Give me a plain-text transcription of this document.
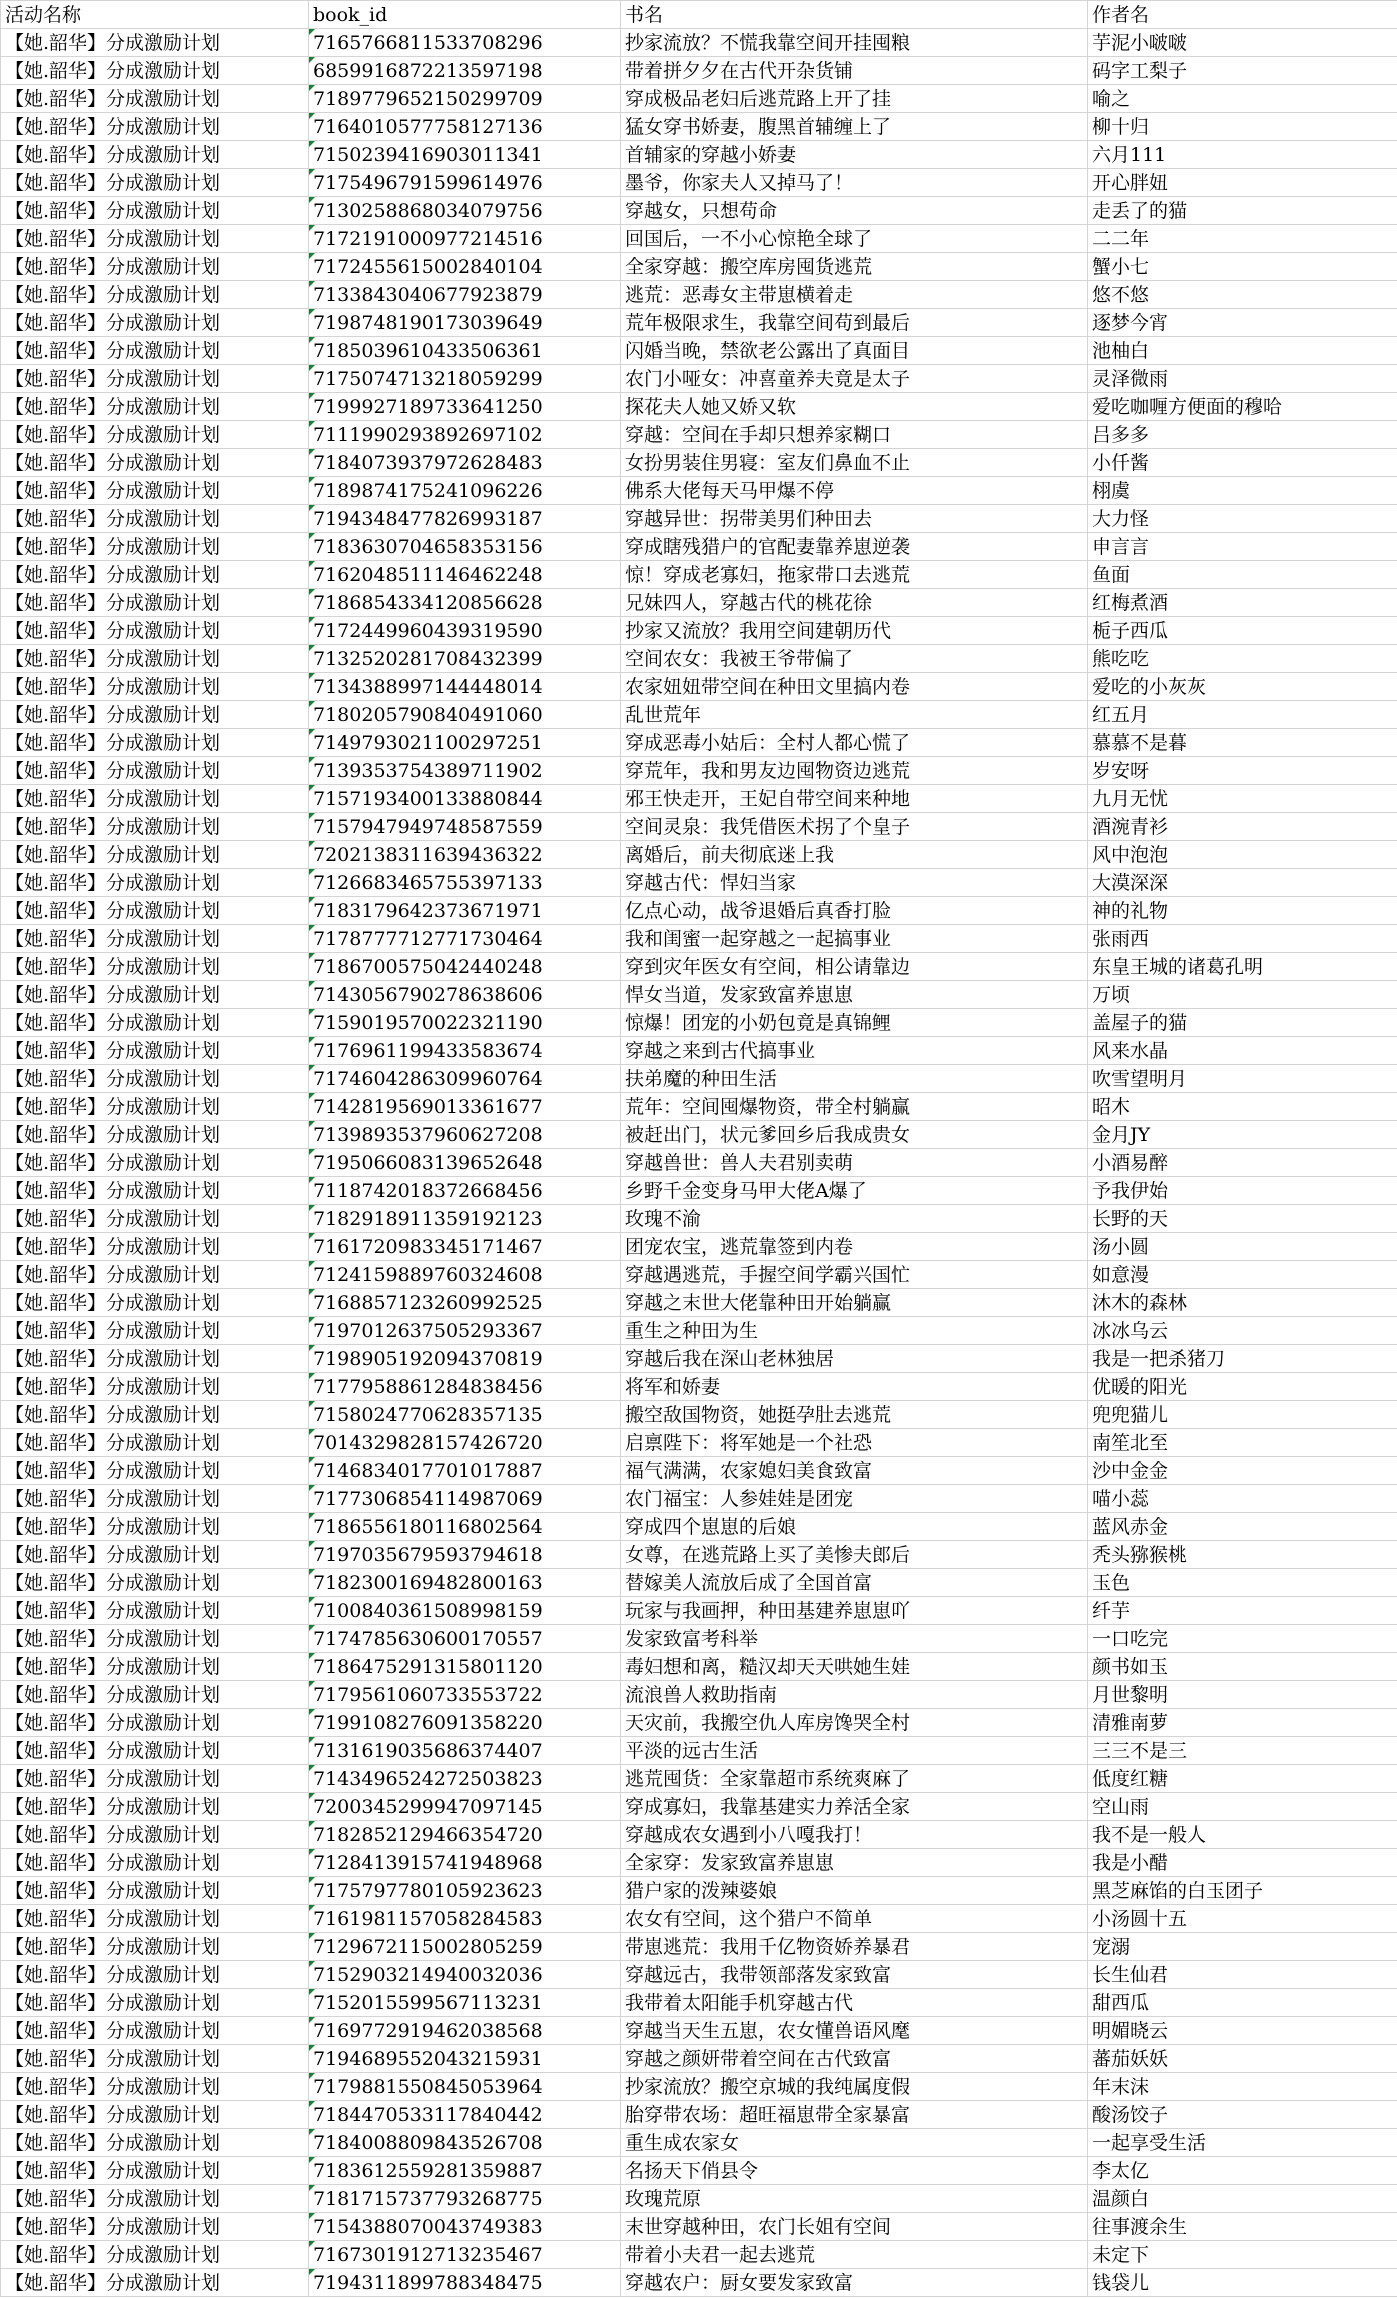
活动名称	book_id	书名	作者名
【她.韶华】分成激励计划	7165766811533708296	抄家流放？不慌我靠空间开挂囤粮	芋泥小啵啵
【她.韶华】分成激励计划	6859916872213597198	带着拼夕夕在古代开杂货铺	码字工梨子
【她.韶华】分成激励计划	7189779652150299709	穿成极品老妇后逃荒路上开了挂	喻之
【她.韶华】分成激励计划	7164010577758127136	猛女穿书娇妻，腹黑首辅缠上了	柳十归
【她.韶华】分成激励计划	7150239416903011341	首辅家的穿越小娇妻	六月111
【她.韶华】分成激励计划	7175496791599614976	墨爷，你家夫人又掉马了！	开心胖妞
【她.韶华】分成激励计划	7130258868034079756	穿越女，只想苟命	走丢了的猫
【她.韶华】分成激励计划	7172191000977214516	回国后，一不小心惊艳全球了	二二年
【她.韶华】分成激励计划	7172455615002840104	全家穿越：搬空库房囤货逃荒	蟹小七
【她.韶华】分成激励计划	7133843040677923879	逃荒：恶毒女主带崽横着走	悠不悠
【她.韶华】分成激励计划	7198748190173039649	荒年极限求生，我靠空间苟到最后	逐梦今宵
【她.韶华】分成激励计划	7185039610433506361	闪婚当晚，禁欲老公露出了真面目	池柚白
【她.韶华】分成激励计划	7175074713218059299	农门小哑女：冲喜童养夫竟是太子	灵泽微雨
【她.韶华】分成激励计划	7199927189733641250	探花夫人她又娇又软	爱吃咖喱方便面的穆哈
【她.韶华】分成激励计划	7111990293892697102	穿越：空间在手却只想养家糊口	吕多多
【她.韶华】分成激励计划	7184073937972628483	女扮男装住男寝：室友们鼻血不止	小仟酱
【她.韶华】分成激励计划	7189874175241096226	佛系大佬每天马甲爆不停	栩虞
【她.韶华】分成激励计划	7194348477826993187	穿越异世：拐带美男们种田去	大力怪
【她.韶华】分成激励计划	7183630704658353156	穿成瞎残猎户的官配妻靠养崽逆袭	申言言
【她.韶华】分成激励计划	7162048511146462248	惊！穿成老寡妇，拖家带口去逃荒	鱼面
【她.韶华】分成激励计划	7186854334120856628	兄妹四人，穿越古代的桃花徐	红梅煮酒
【她.韶华】分成激励计划	7172449960439319590	抄家又流放？我用空间建朝历代	栀子西瓜
【她.韶华】分成激励计划	7132520281708432399	空间农女：我被王爷带偏了	熊吃吃
【她.韶华】分成激励计划	7134388997144448014	农家妞妞带空间在种田文里搞内卷	爱吃的小灰灰
【她.韶华】分成激励计划	7180205790840491060	乱世荒年	红五月
【她.韶华】分成激励计划	7149793021100297251	穿成恶毒小姑后：全村人都心慌了	慕慕不是暮
【她.韶华】分成激励计划	7139353754389711902	穿荒年，我和男友边囤物资边逃荒	岁安呀
【她.韶华】分成激励计划	7157193400133880844	邪王快走开，王妃自带空间来种地	九月无忧
【她.韶华】分成激励计划	7157947949748587559	空间灵泉：我凭借医术拐了个皇子	酒涴青衫
【她.韶华】分成激励计划	7202138311639436322	离婚后，前夫彻底迷上我	风中泡泡
【她.韶华】分成激励计划	7126683465755397133	穿越古代：悍妇当家	大漠深深
【她.韶华】分成激励计划	7183179642373671971	亿点心动，战爷退婚后真香打脸	神的礼物
【她.韶华】分成激励计划	7178777712771730464	我和闺蜜一起穿越之一起搞事业	张雨西
【她.韶华】分成激励计划	7186700575042440248	穿到灾年医女有空间，相公请靠边	东皇王城的诸葛孔明
【她.韶华】分成激励计划	7143056790278638606	悍女当道，发家致富养崽崽	万顷
【她.韶华】分成激励计划	7159019570022321190	惊爆！团宠的小奶包竟是真锦鲤	盖屋子的猫
【她.韶华】分成激励计划	7176961199433583674	穿越之来到古代搞事业	风来水晶
【她.韶华】分成激励计划	7174604286309960764	扶弟魔的种田生活	吹雪望明月
【她.韶华】分成激励计划	7142819569013361677	荒年：空间囤爆物资，带全村躺赢	昭木
【她.韶华】分成激励计划	7139893537960627208	被赶出门，状元爹回乡后我成贵女	金月JY
【她.韶华】分成激励计划	7195066083139652648	穿越兽世：兽人夫君别卖萌	小酒易醉
【她.韶华】分成激励计划	7118742018372668456	乡野千金变身马甲大佬A爆了	予我伊始
【她.韶华】分成激励计划	7182918911359192123	玫瑰不渝	长野的天
【她.韶华】分成激励计划	7161720983345171467	团宠农宝，逃荒靠签到内卷	汤小圆
【她.韶华】分成激励计划	7124159889760324608	穿越遇逃荒，手握空间学霸兴国忙	如意漫
【她.韶华】分成激励计划	7168857123260992525	穿越之末世大佬靠种田开始躺赢	沐木的森林
【她.韶华】分成激励计划	7197012637505293367	重生之种田为生	冰冰乌云
【她.韶华】分成激励计划	7198905192094370819	穿越后我在深山老林独居	我是一把杀猪刀
【她.韶华】分成激励计划	7177958861284838456	将军和娇妻	优暖的阳光
【她.韶华】分成激励计划	7158024770628357135	搬空敌国物资，她挺孕肚去逃荒	兜兜猫儿
【她.韶华】分成激励计划	7014329828157426720	启禀陛下：将军她是一个社恐	南笙北至
【她.韶华】分成激励计划	7146834017701017887	福气满满，农家媳妇美食致富	沙中金金
【她.韶华】分成激励计划	7177306854114987069	农门福宝：人参娃娃是团宠	喵小蕊
【她.韶华】分成激励计划	7186556180116802564	穿成四个崽崽的后娘	蓝风赤金
【她.韶华】分成激励计划	7197035679593794618	女尊，在逃荒路上买了美惨夫郎后	秃头猕猴桃
【她.韶华】分成激励计划	7182300169482800163	替嫁美人流放后成了全国首富	玉色
【她.韶华】分成激励计划	7100840361508998159	玩家与我画押，种田基建养崽崽吖	纤芋
【她.韶华】分成激励计划	7174785630600170557	发家致富考科举	一口吃完
【她.韶华】分成激励计划	7186475291315801120	毒妇想和离，糙汉却天天哄她生娃	颜书如玉
【她.韶华】分成激励计划	7179561060733553722	流浪兽人救助指南	月世黎明
【她.韶华】分成激励计划	7199108276091358220	天灾前，我搬空仇人库房馋哭全村	清雅南萝
【她.韶华】分成激励计划	7131619035686374407	平淡的远古生活	三三不是三
【她.韶华】分成激励计划	7143496524272503823	逃荒囤货：全家靠超市系统爽麻了	低度红糖
【她.韶华】分成激励计划	7200345299947097145	穿成寡妇，我靠基建实力养活全家	空山雨
【她.韶华】分成激励计划	7182852129466354720	穿越成农女遇到小八嘎我打！	我不是一般人
【她.韶华】分成激励计划	7128413915741948968	全家穿：发家致富养崽崽	我是小醋
【她.韶华】分成激励计划	7175797780105923623	猎户家的泼辣婆娘	黑芝麻馅的白玉团子
【她.韶华】分成激励计划	7161981157058284583	农女有空间，这个猎户不简单	小汤圆十五
【她.韶华】分成激励计划	7129672115002805259	带崽逃荒：我用千亿物资娇养暴君	宠溺
【她.韶华】分成激励计划	7152903214940032036	穿越远古，我带领部落发家致富	长生仙君
【她.韶华】分成激励计划	7152015599567113231	我带着太阳能手机穿越古代	甜西瓜
【她.韶华】分成激励计划	7169772919462038568	穿越当天生五崽，农女懂兽语风麾	明媚晓云
【她.韶华】分成激励计划	7194689552043215931	穿越之颜妍带着空间在古代致富	蕃茄妖妖
【她.韶华】分成激励计划	7179881550845053964	抄家流放？搬空京城的我纯属度假	年末沫
【她.韶华】分成激励计划	7184470533117840442	胎穿带农场：超旺福崽带全家暴富	酸汤饺子
【她.韶华】分成激励计划	7184008809843526708	重生成农家女	一起享受生活
【她.韶华】分成激励计划	7183612559281359887	名扬天下俏县令	李太亿
【她.韶华】分成激励计划	7181715737793268775	玫瑰荒原	温颜白
【她.韶华】分成激励计划	7154388070043749383	末世穿越种田，农门长姐有空间	往事渡余生
【她.韶华】分成激励计划	7167301912713235467	带着小夫君一起去逃荒	未定下
【她.韶华】分成激励计划	7194311899788348475	穿越农户：厨女要发家致富	钱袋儿
